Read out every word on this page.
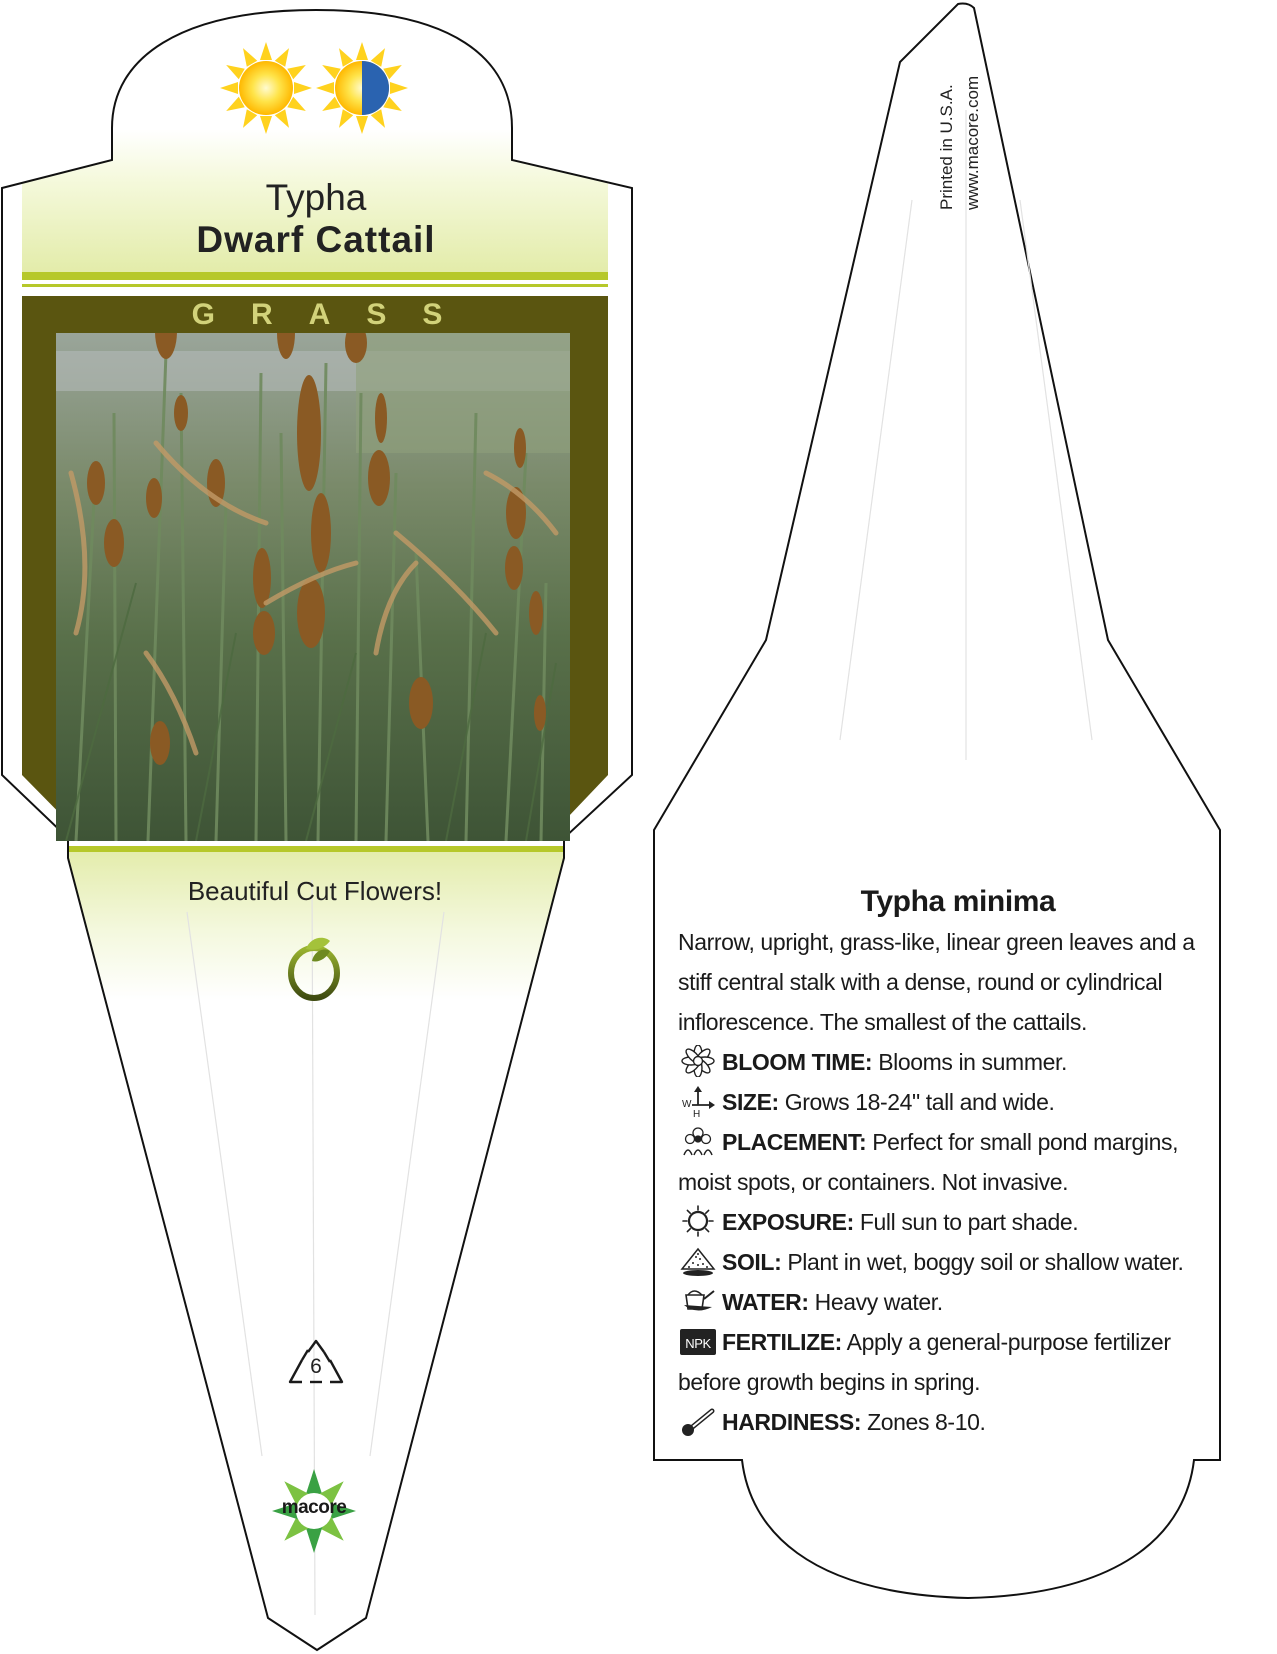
Typha
Dwarf Cattail
GRASS
Beautiful Cut Flowers!
6
macore
Printed in U.S.A. www.macore.com
Typha minima
Narrow, upright, grass-like, linear green leaves and a
stiff central stalk with a dense, round or cylindrical
inflorescence. The smallest of the cattails.
BLOOM TIME: Blooms in summer.
W
H SIZE: Grows 18-24" tall and wide.
PLACEMENT: Perfect for small pond margins,
moist spots, or containers. Not invasive.
EXPOSURE: Full sun to part shade.
SOIL: Plant in wet, boggy soil or shallow water.
WATER: Heavy water.
NPK FERTILIZE: Apply a general-purpose fertilizer
before growth begins in spring.
HARDINESS: Zones 8-10.
